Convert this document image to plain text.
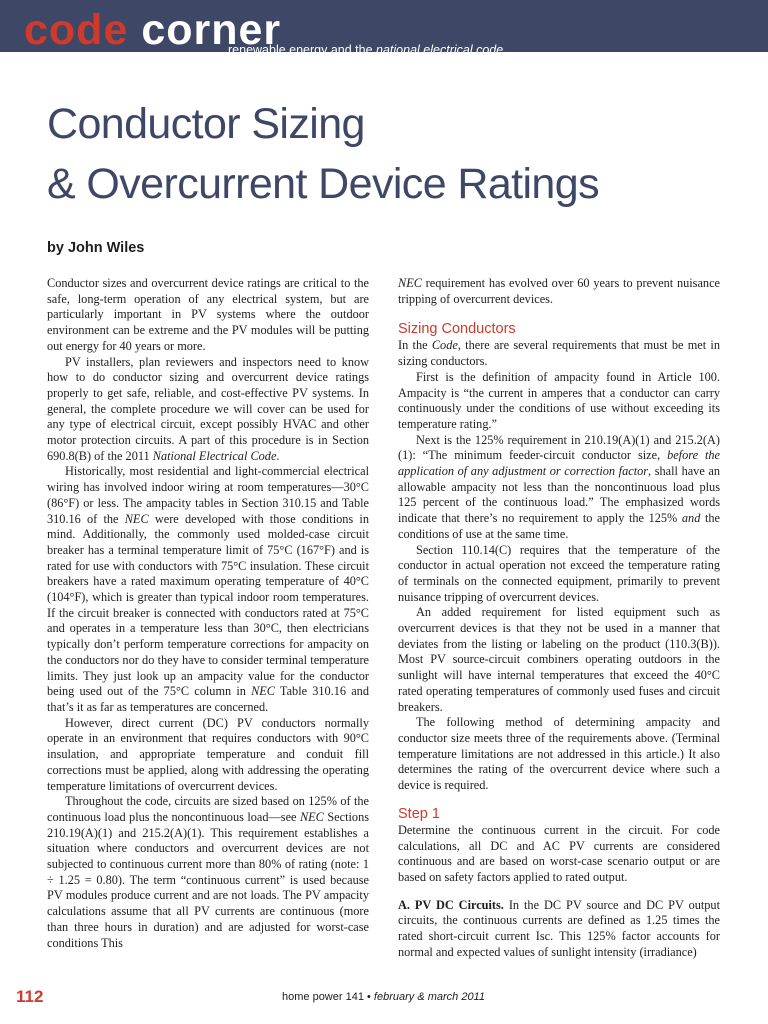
code corner
renewable energy and the national electrical code
Conductor Sizing
& Overcurrent Device Ratings
by John Wiles

Conductor sizes and overcurrent device ratings are critical to the safe, long-term operation of any electrical system, but are particularly important in PV systems where the outdoor environment can be extreme and the PV modules will be putting out energy for 40 years or more.

PV installers, plan reviewers and inspectors need to know how to do conductor sizing and overcurrent device ratings properly to get safe, reliable, and cost-effective PV systems. In general, the complete procedure we will cover can be used for any type of electrical circuit, except possibly HVAC and other motor protection circuits. A part of this procedure is in Section 690.8(B) of the 2011 National Electrical Code.

Historically, most residential and light-commercial electrical wiring has involved indoor wiring at room temperatures—30°C (86°F) or less. The ampacity tables in Section 310.15 and Table 310.16 of the NEC were developed with those conditions in mind. Additionally, the commonly used molded-case circuit breaker has a terminal temperature limit of 75°C (167°F) and is rated for use with conductors with 75°C insulation. These circuit breakers have a rated maximum operating temperature of 40°C (104°F), which is greater than typical indoor room temperatures. If the circuit breaker is connected with conductors rated at 75°C and operates in a temperature less than 30°C, then electricians typically don’t perform temperature corrections for ampacity on the conductors nor do they have to consider terminal temperature limits. They just look up an ampacity value for the conductor being used out of the 75°C column in NEC Table 310.16 and that’s it as far as temperatures are concerned.

However, direct current (DC) PV conductors normally operate in an environment that requires conductors with 90°C insulation, and appropriate temperature and conduit fill corrections must be applied, along with addressing the operating temperature limitations of overcurrent devices.

Throughout the code, circuits are sized based on 125% of the continuous load plus the noncontinuous load—see NEC Sections 210.19(A)(1) and 215.2(A)(1). This requirement establishes a situation where conductors and overcurrent devices are not subjected to continuous current more than 80% of rating (note: 1 ÷ 1.25 = 0.80). The term “continuous current” is used because PV modules produce current and are not loads. The PV ampacity calculations assume that all PV currents are continuous (more than three hours in duration) and are adjusted for worst-case conditions This

NEC requirement has evolved over 60 years to prevent nuisance tripping of overcurrent devices.

Sizing Conductors

In the Code, there are several requirements that must be met in sizing conductors.

First is the definition of ampacity found in Article 100. Ampacity is “the current in amperes that a conductor can carry continuously under the conditions of use without exceeding its temperature rating.”

Next is the 125% requirement in 210.19(A)(1) and 215.2(A)(1): “The minimum feeder-circuit conductor size, before the application of any adjustment or correction factor, shall have an allowable ampacity not less than the noncontinuous load plus 125 percent of the continuous load.” The emphasized words indicate that there’s no requirement to apply the 125% and the conditions of use at the same time.

Section 110.14(C) requires that the temperature of the conductor in actual operation not exceed the temperature rating of terminals on the connected equipment, primarily to prevent nuisance tripping of overcurrent devices.

An added requirement for listed equipment such as overcurrent devices is that they not be used in a manner that deviates from the listing or labeling on the product (110.3(B)). Most PV source-circuit combiners operating outdoors in the sunlight will have internal temperatures that exceed the 40°C rated operating temperatures of commonly used fuses and circuit breakers.

The following method of determining ampacity and conductor size meets three of the requirements above. (Terminal temperature limitations are not addressed in this article.) It also determines the rating of the overcurrent device where such a device is required.

Step 1

Determine the continuous current in the circuit. For code calculations, all DC and AC PV currents are considered continuous and are based on worst-case scenario output or are based on safety factors applied to rated output.

A. PV DC Circuits. In the DC PV source and DC PV output circuits, the continuous currents are defined as 1.25 times the rated short-circuit current Isc. This 125% factor accounts for normal and expected values of sunlight intensity (irradiance)

112	home power 141 • february & march 2011
